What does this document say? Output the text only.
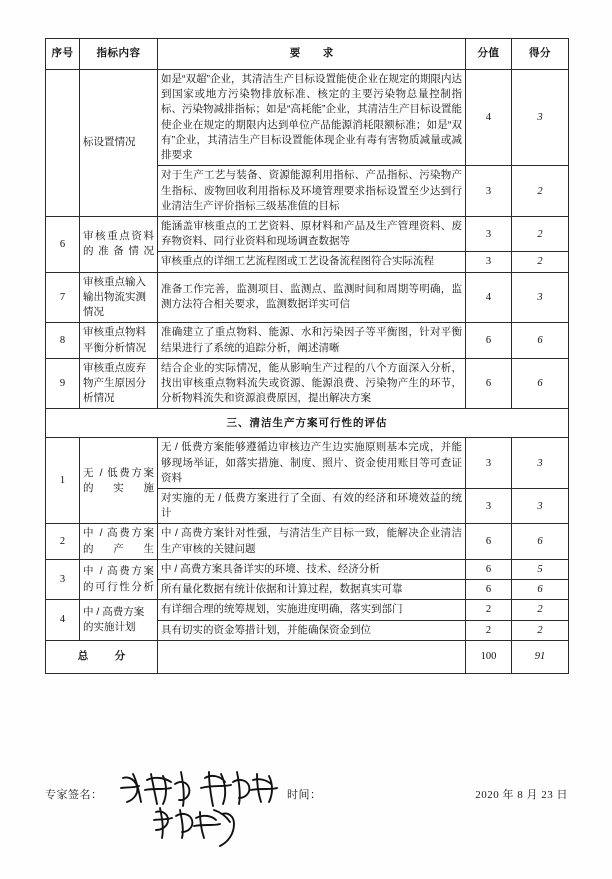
序号	指标内容	要　求	分值	得分
	标设置情况	如是“双超”企业，其清洁生产目标设置能使企业在规定的期限内达到国家或地方污染物排放标准、核定的主要污染物总量控制指标、污染物减排指标；如是“高耗能”企业，其清洁生产目标设置能使企业在规定的期限内达到单位产品能源消耗限额标准；如是“双有”企业，其清洁生产目标设置能体现企业有毒有害物质减量或减排要求	4	3
		对于生产工艺与装备、资源能源利用指标、产品指标、污染物产生指标、废物回收利用指标及环境管理要求指标设置至少达到行业清洁生产评价指标三级基准值的目标	3	2
6	审核重点资料的准备情况	能涵盖审核重点的工艺资料、原材料和产品及生产管理资料、废弃物资料、同行业资料和现场调查数据等	3	2
		审核重点的详细工艺流程图或工艺设备流程图符合实际流程	3	2
7	审核重点输入输出物流实测情况	准备工作完善，监测项目、监测点、监测时间和周期等明确，监测方法符合相关要求，监测数据详实可信	4	3
8	审核重点物料平衡分析情况	准确建立了重点物料、能源、水和污染因子等平衡图，针对平衡结果进行了系统的追踪分析，阐述清晰	6	6
9	审核重点废弃物产生原因分析情况	结合企业的实际情况，能从影响生产过程的八个方面深入分析，找出审核重点物料流失或资源、能源浪费、污染物产生的环节，分析物料流失和资源浪费原因，提出解决方案	6	6
三、清洁生产方案可行性的评估				
1	无 / 低费方案的实施	无 / 低费方案能够遵循边审核边产生边实施原则基本完成，并能够现场举证，如落实措施、制度、照片、资金使用账目等可查证资料	3	3
		对实施的无 / 低费方案进行了全面、有效的经济和环境效益的统计	3	3
2	中 / 高费方案的产生	中 / 高费方案针对性强，与清洁生产目标一致，能解决企业清洁生产审核的关键问题	6	6
3	中 / 高费方案的可行性分析	中 / 高费方案具备详实的环境、技术、经济分析	6	5
		所有量化数据有统计依据和计算过程，数据真实可靠	6	6
4	中 / 高费方案的实施计划	有详细合理的统筹规划，实施进度明确，落实到部门	2	2
		具有切实的资金筹措计划，并能确保资金到位	2	2
总　分			100	91
专家签名：	时间：	2020 年 8 月 23 日
